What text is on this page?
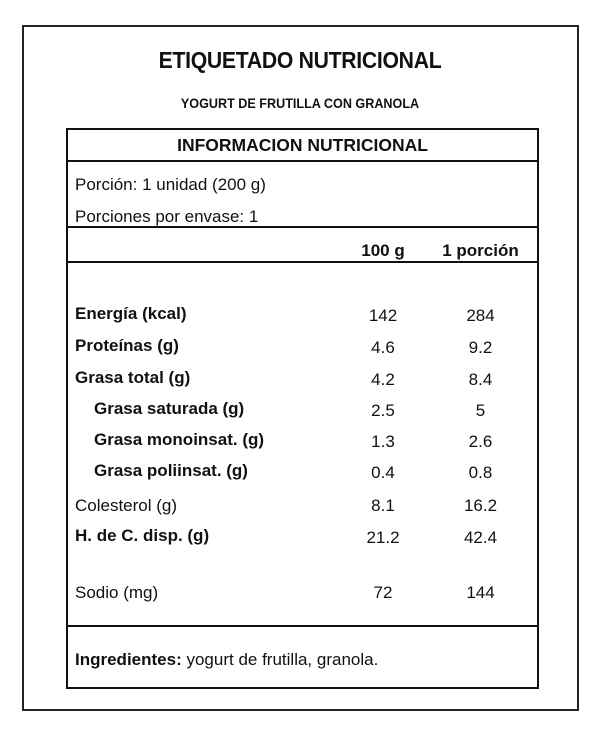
ETIQUETADO NUTRICIONAL
YOGURT DE FRUTILLA CON GRANOLA
INFORMACION NUTRICIONAL
Porción: 1 unidad (200 g)
Porciones por envase: 1
100 g	1 porción
Energía (kcal)	142	284
Proteínas (g)	4.6	9.2
Grasa total (g)	4.2	8.4
Grasa saturada (g)	2.5	5
Grasa monoinsat. (g)	1.3	2.6
Grasa poliinsat. (g)	0.4	0.8
Colesterol (g)	8.1	16.2
H. de C. disp. (g)	21.2	42.4
Sodio (mg)	72	144
Ingredientes: yogurt de frutilla, granola.
